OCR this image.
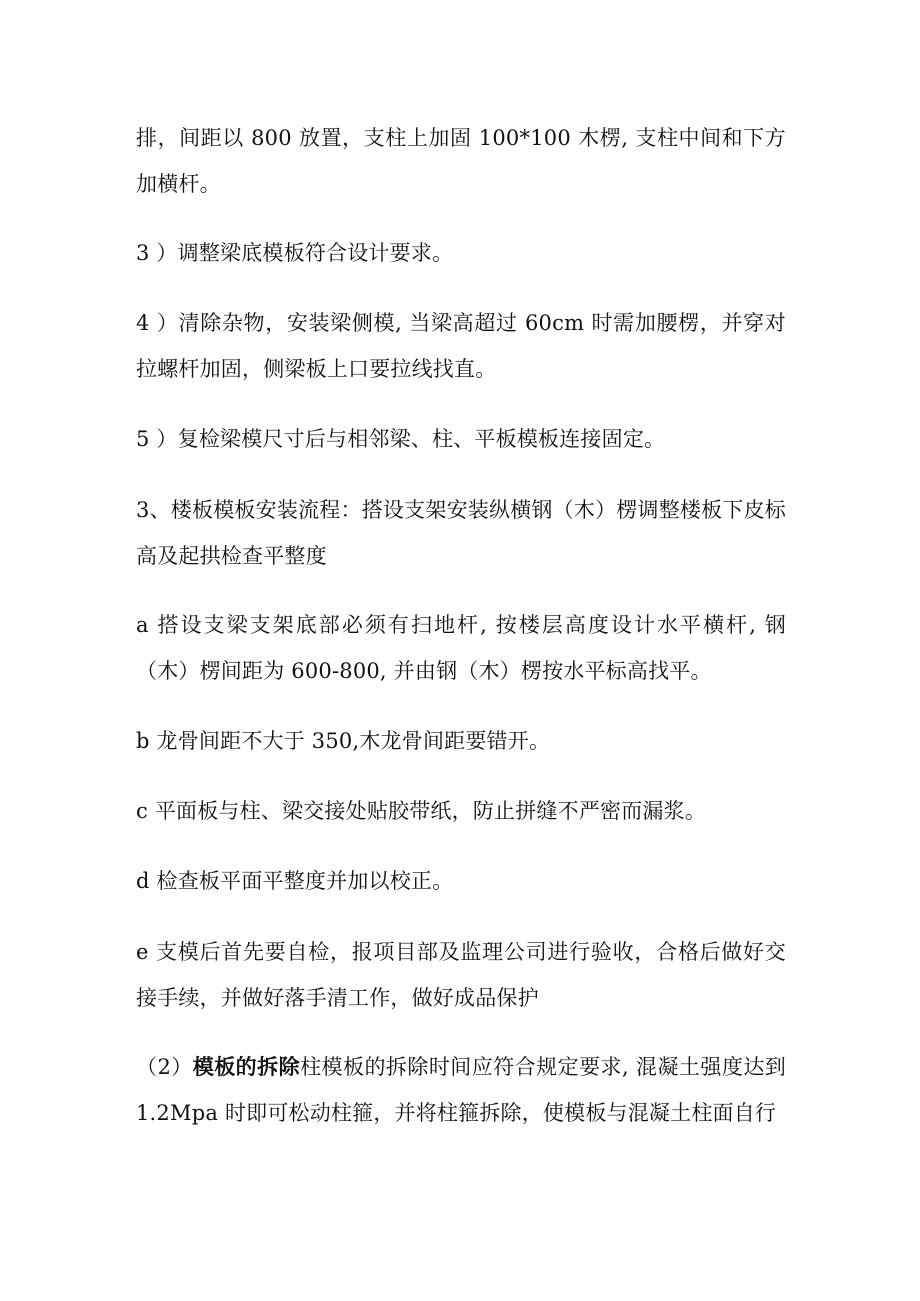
排，间距以 800 放置，支柱上加固 100*100 木楞, 支柱中间和下方加横杆。

3 ）调整梁底模板符合设计要求。

4 ）清除杂物，安装梁侧模, 当梁高超过 60cm 时需加腰楞，并穿对拉螺杆加固，侧梁板上口要拉线找直。

5 ）复检梁模尺寸后与相邻梁、柱、平板模板连接固定。

3、楼板模板安装流程：搭设支架安装纵横钢（木）楞调整楼板下皮标高及起拱检查平整度

a 搭设支梁支架底部必须有扫地杆, 按楼层高度设计水平横杆, 钢（木）楞间距为 600-800, 并由钢（木）楞按水平标高找平。

b 龙骨间距不大于 350,木龙骨间距要错开。

c 平面板与柱、梁交接处贴胶带纸，防止拼缝不严密而漏浆。

d 检查板平面平整度并加以校正。

e 支模后首先要自检，报项目部及监理公司进行验收，合格后做好交接手续，并做好落手清工作，做好成品保护

（2）模板的拆除柱模板的拆除时间应符合规定要求, 混凝土强度达到1.2Mpa 时即可松动柱箍，并将柱箍拆除，使模板与混凝土柱面自行
